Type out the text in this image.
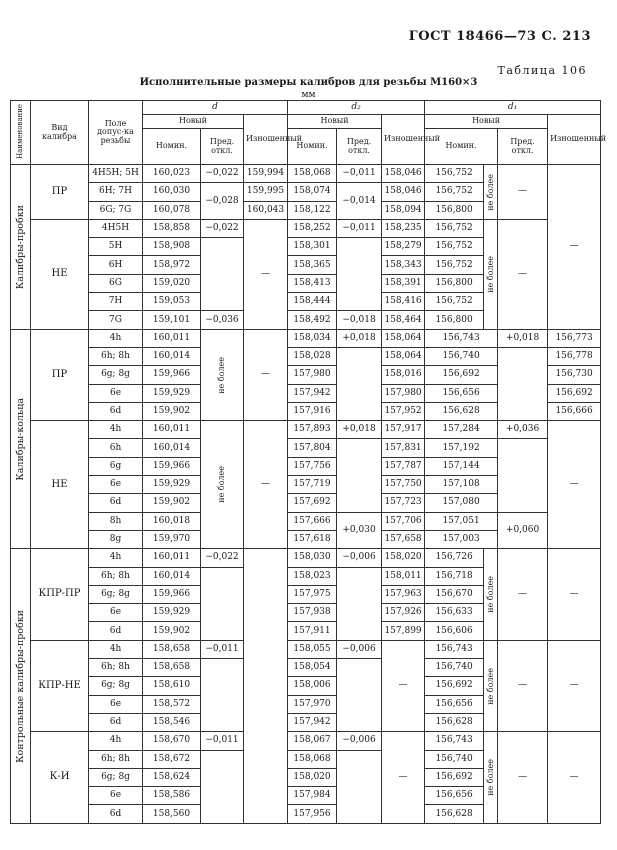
ГОСТ 18466—73 С. 213
Таблица 106
Исполнительные размеры калибров для резьбы M160×3
мм
Наименование	Вид калибра	Поле допус-ка резьбы	d			d₂			d₁			
			Новый		Изношенный	Новый		Изношенный	Новый			Изношенный
			Номин.	Пред. откл.		Номин.	Пред. откл.		Номин.		Пред. откл.	

Калибры-пробки	ПР	4H5H; 5H	160,023	−0,022	159,994	158,068	−0,011	158,046	156,752	не более	—	—
		6H; 7H	160,030	−0,028	159,995	158,074	−0,014	158,046	156,752			
		6G; 7G	160,078		160,043	158,122		158,094	156,800			
	НЕ	4H5H	158,858	−0,022	—	158,252	−0,011	158,235	156,752	не более	—	
		5H	158,908			158,301		158,279	156,752			
		6H	158,972			158,365		158,343	156,752			
		6G	159,020			158,413		158,391	156,800			
		7H	159,053			158,444		158,416	156,752			
		7G	159,101	−0,036		158,492	−0,018	158,464	156,800			

Калибры-кольца	ПР	4h	160,011	не более	—	158,034	+0,018	158,064	156,743		+0,018	156,773
		6h; 8h	160,014			158,028		158,064	156,740			156,778
		6g; 8g	159,966			157,980		158,016	156,692			156,730
		6e	159,929			157,942		157,980	156,656			156,692
		6d	159,902			157,916		157,952	156,628			156,666
	НЕ	4h	160,011	не более	—	157,893	+0,018	157,917	157,284		+0,036	—
		6h	160,014			157,804		157,831	157,192			
		6g	159,966			157,756		157,787	157,144			
		6e	159,929			157,719		157,750	157,108			
		6d	159,902			157,692		157,723	157,080			
		8h	160,018			157,666	+0,030	157,706	157,051		+0,060	
		8g	159,970			157,618		157,658	157,003			

Контрольные калибры-пробки	КПР-ПР	4h	160,011	−0,022		158,030	−0,006	158,020	156,726	не более	—	—
		6h; 8h	160,014			158,023		158,011	156,718			
		6g; 8g	159,966			157,975		157,963	156,670			
		6e	159,929			157,938		157,926	156,633			
		6d	159,902			157,911		157,899	156,606			
	КПР-НЕ	4h	158,658	−0,011		158,055	−0,006	—	156,743	не более	—	—
		6h; 8h	158,658			158,054			156,740			
		6g; 8g	158,610			158,006			156,692			
		6e	158,572			157,970			156,656			
		6d	158,546			157,942			156,628			
	К-И	4h	158,670	−0,011		158,067	−0,006	—	156,743	не более	—	—
		6h; 8h	158,672			158,068			156,740			
		6g; 8g	158,624			158,020			156,692			
		6e	158,586			157,984			156,656			
		6d	158,560			157,956			156,628			
